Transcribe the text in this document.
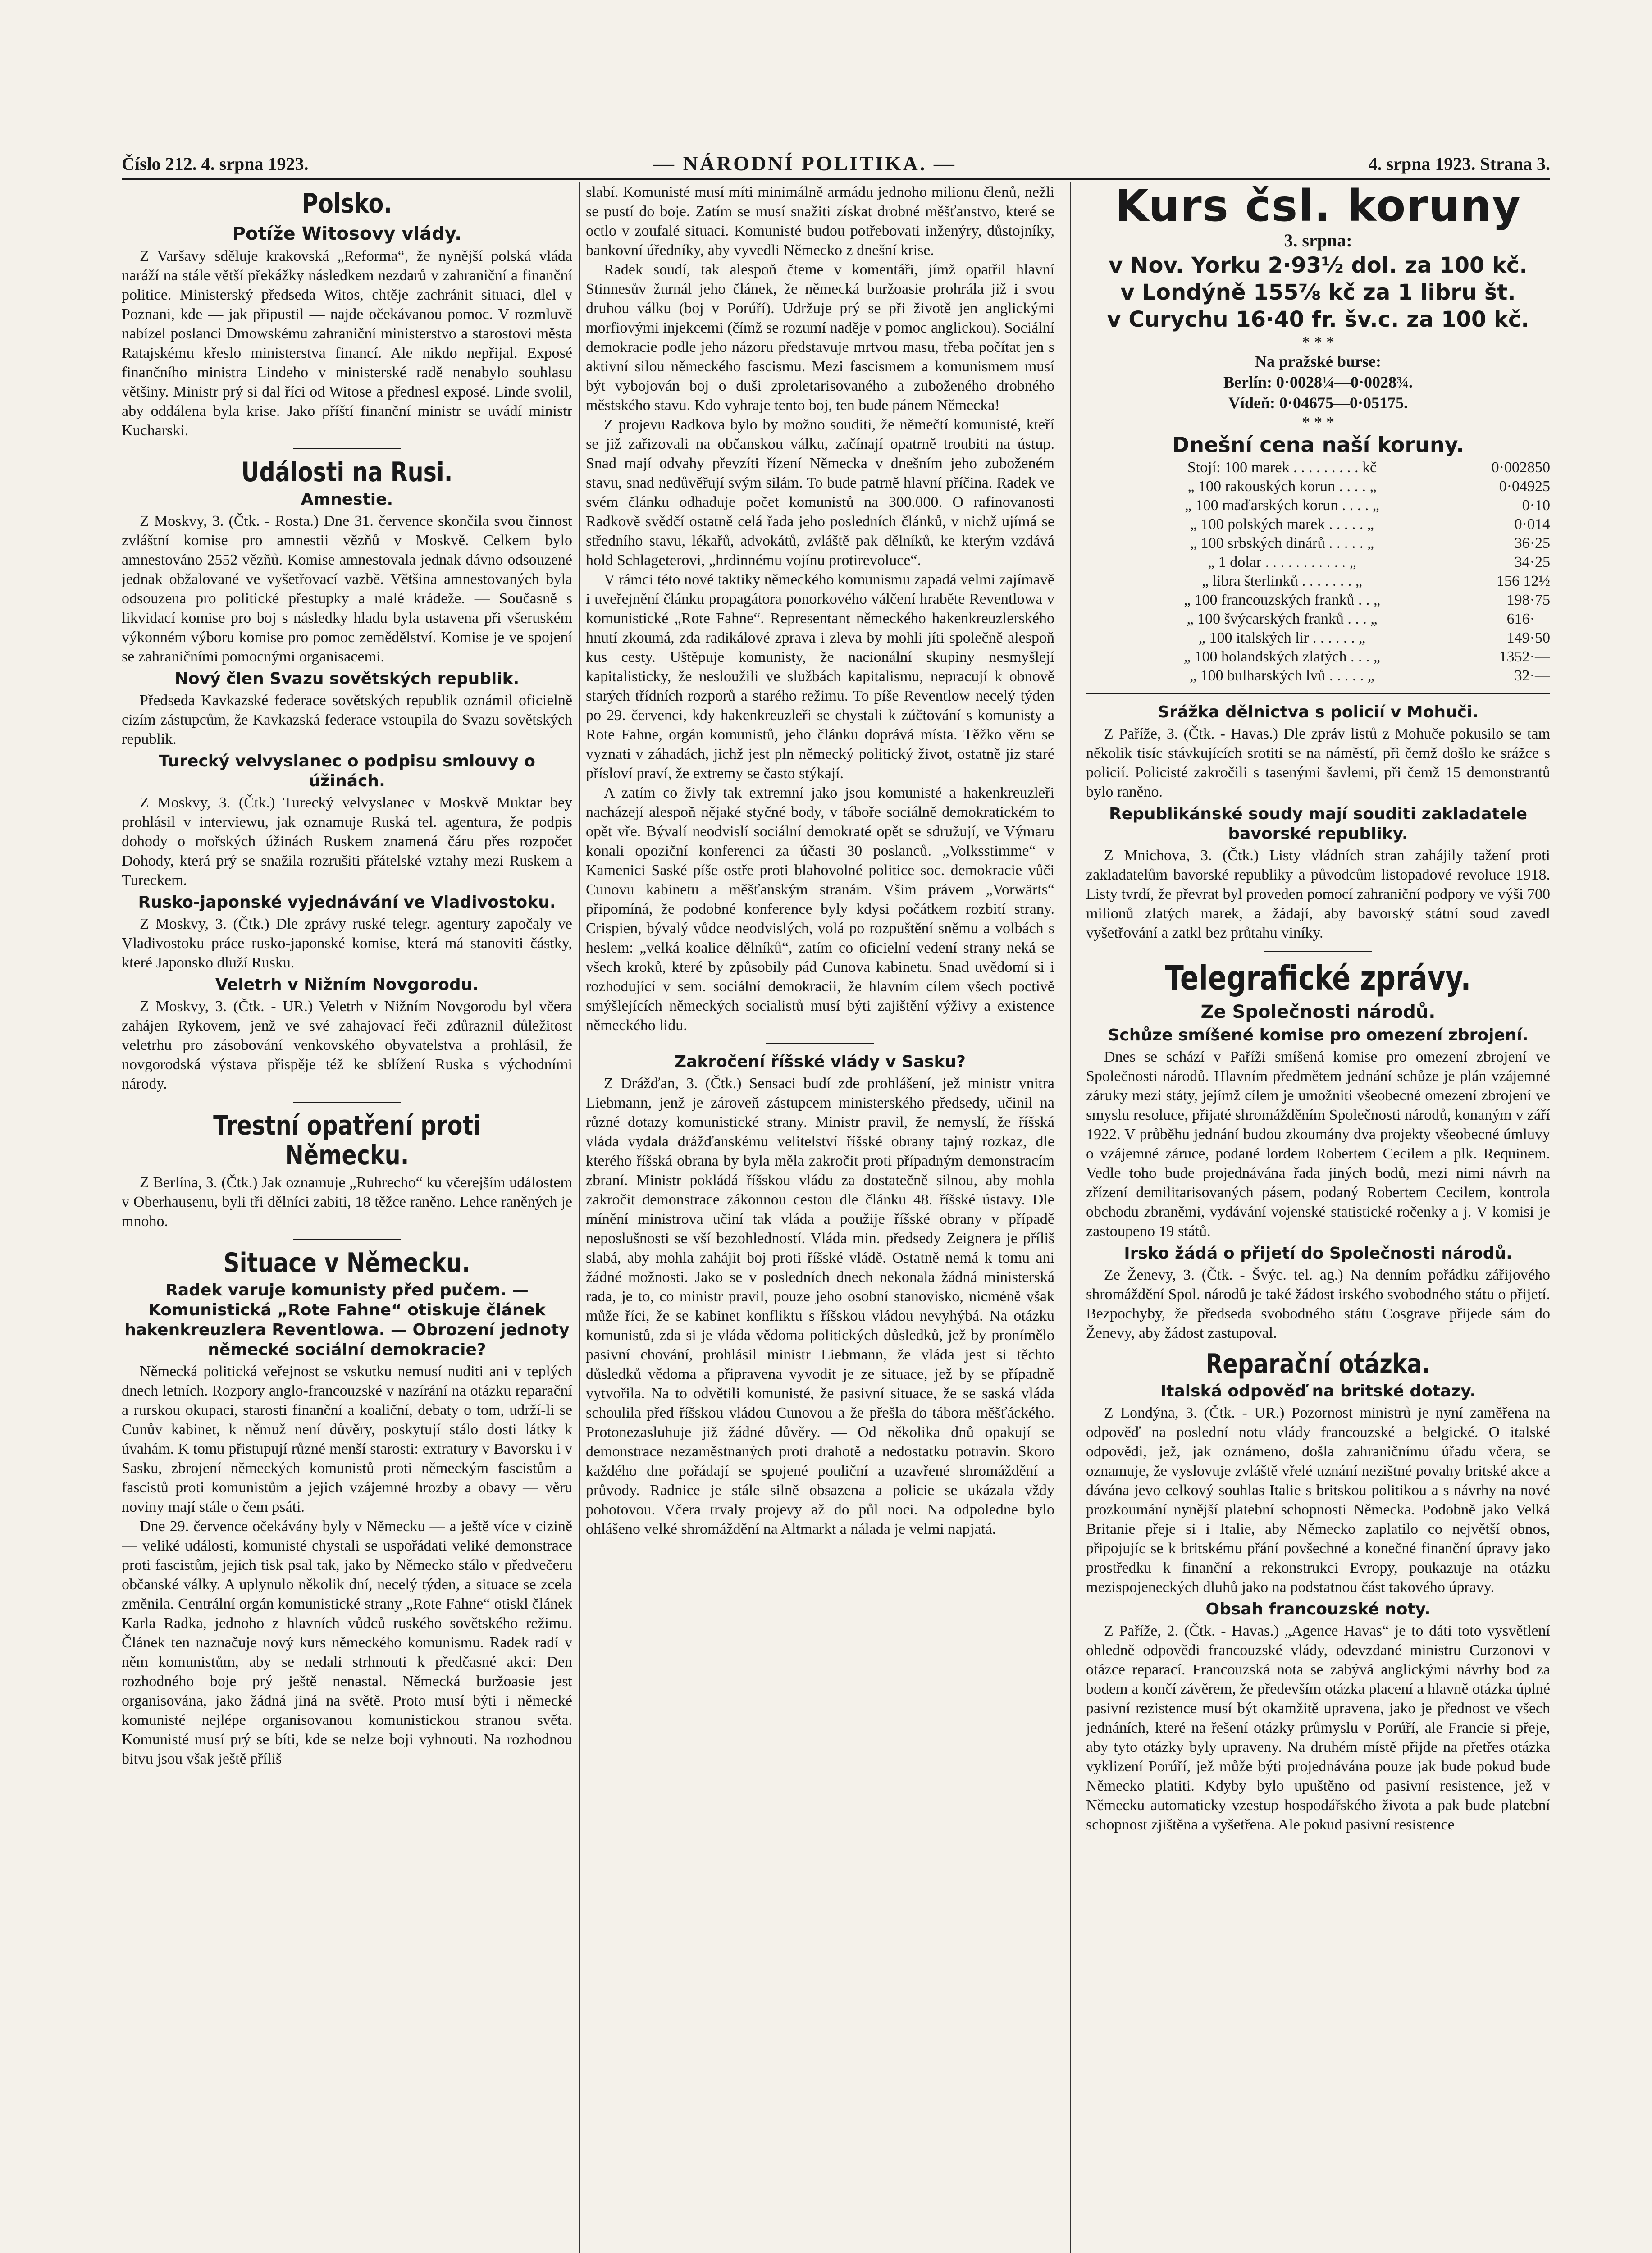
Číslo 212. 4. srpna 1923.	— NÁRODNÍ POLITIKA. —	4. srpna 1923. Strana 3.
Polsko.
Potíže Witosovy vlády.

Z Varšavy sděluje krakovská „Reforma“, že nynější polská vláda naráží na stále větší překážky následkem nezdarů v zahraniční a finanční politice. Ministerský předseda Witos, chtěje zachránit situaci, dlel v Poznani, kde — jak připustil — najde očekávanou pomoc. V rozmluvě nabízel poslanci Dmowskému zahraniční ministerstvo a starostovi města Ratajskému křeslo ministerstva financí. Ale nikdo nepřijal. Exposé finančního ministra Lindeho v ministerské radě nenabylo souhlasu většiny. Ministr prý si dal říci od Witose a přednesl exposé. Linde svolil, aby oddálena byla krise. Jako příští finanční ministr se uvádí ministr Kucharski.

Události na Rusi.
Amnestie.

Z Moskvy, 3. (Čtk. - Rosta.) Dne 31. července skončila svou činnost zvláštní komise pro amnestii vězňů v Moskvě. Celkem bylo amnestováno 2552 vězňů. Komise amnestovala jednak dávno odsouzené jednak obžalované ve vyšetřovací vazbě. Většina amnestovaných byla odsouzena pro politické přestupky a malé krádeže. — Současně s likvidací komise pro boj s následky hladu byla ustavena při všeruském výkonném výboru komise pro pomoc zemědělství. Komise je ve spojení se zahraničními pomocnými organisacemi.

Nový člen Svazu sovětských republik.

Předseda Kavkazské federace sovětských republik oznámil oficielně cizím zástupcům, že Kavkazská federace vstoupila do Svazu sovětských republik.

Turecký velvyslanec o podpisu smlouvy o úžinách.

Z Moskvy, 3. (Čtk.) Turecký velvyslanec v Moskvě Muktar bey prohlásil v interviewu, jak oznamuje Ruská tel. agentura, že podpis dohody o mořských úžinách Ruskem znamená čáru přes rozpočet Dohody, která prý se snažila rozrušiti přátelské vztahy mezi Ruskem a Tureckem.

Rusko-japonské vyjednávání ve Vladivostoku.

Z Moskvy, 3. (Čtk.) Dle zprávy ruské telegr. agentury započaly ve Vladivostoku práce rusko-japonské komise, která má stanoviti částky, které Japonsko dluží Rusku.

Veletrh v Nižním Novgorodu.

Z Moskvy, 3. (Čtk. - UR.) Veletrh v Nižním Novgorodu byl včera zahájen Rykovem, jenž ve své zahajovací řeči zdůraznil důležitost veletrhu pro zásobování venkovského obyvatelstva a prohlásil, že novgorodská výstava přispěje též ke sblížení Ruska s východními národy.

Trestní opatření proti Německu.

Z Berlína, 3. (Čtk.) Jak oznamuje „Ruhrecho“ ku včerejším událostem v Oberhausenu, byli tři dělníci zabiti, 18 těžce raněno. Lehce raněných je mnoho.

Situace v Německu.
Radek varuje komunisty před pučem. — Komunistická „Rote Fahne“ otiskuje článek hakenkreuzlera Reventlowa. — Obrození jednoty německé sociální demokracie?

Německá politická veřejnost se vskutku nemusí nuditi ani v teplých dnech letních. Rozpory anglo-francouzské v nazírání na otázku reparační a rurskou okupaci, starosti finanční a koaliční, debaty o tom, udrží-li se Cunův kabinet, k němuž není důvěry, poskytují stálo dosti látky k úvahám. K tomu přistupují různé menší starosti: extratury v Bavorsku i v Sasku, zbrojení německých komunistů proti německým fascistům a fascistů proti komunistům a jejich vzájemné hrozby a obavy — věru noviny mají stále o čem psáti.

Dne 29. července očekávány byly v Německu — a ještě více v cizině — veliké události, komunisté chystali se uspořádati veliké demonstrace proti fascistům, jejich tisk psal tak, jako by Německo stálo v předvečeru občanské války. A uplynulo několik dní, necelý týden, a situace se zcela změnila. Centrální orgán komunistické strany „Rote Fahne“ otiskl článek Karla Radka, jednoho z hlavních vůdců ruského sovětského režimu. Článek ten naznačuje nový kurs německého komunismu. Radek radí v něm komunistům, aby se nedali strhnouti k předčasné akci: Den rozhodného boje prý ještě nenastal. Německá buržoasie jest organisována, jako žádná jiná na světě. Proto musí býti i německé komunisté nejlépe organisovanou komunistickou stranou světa. Komunisté musí prý se bíti, kde se nelze boji vyhnouti. Na rozhodnou bitvu jsou však ještě příliš

slabí. Komunisté musí míti minimálně armádu jednoho milionu členů, nežli se pustí do boje. Zatím se musí snažiti získat drobné měšťanstvo, které se octlo v zoufalé situaci. Komunisté budou potřebovati inženýry, důstojníky, bankovní úředníky, aby vyvedli Německo z dnešní krise.

Radek soudí, tak alespoň čteme v komentáři, jímž opatřil hlavní Stinnesův žurnál jeho článek, že německá buržoasie prohrála již i svou druhou válku (boj v Porúří). Udržuje prý se při životě jen anglickými morfiovými injekcemi (čímž se rozumí naděje v pomoc anglickou). Sociální demokracie podle jeho názoru představuje mrtvou masu, třeba počítat jen s aktivní silou německého fascismu. Mezi fascismem a komunismem musí být vybojován boj o duši zproletarisovaného a zuboženého drobného městského stavu. Kdo vyhraje tento boj, ten bude pánem Německa!

Z projevu Radkova bylo by možno souditi, že němečtí komunisté, kteří se již zařizovali na občanskou válku, začínají opatrně troubiti na ústup. Snad mají odvahy převzíti řízení Německa v dnešním jeho zuboženém stavu, snad nedůvěřují svým silám. To bude patrně hlavní příčina. Radek ve svém článku odhaduje počet komunistů na 300.000. O rafinovanosti Radkově svědčí ostatně celá řada jeho posledních článků, v nichž ujímá se středního stavu, lékařů, advokátů, zvláště pak dělníků, ke kterým vzdává hold Schlageterovi, „hrdinnému vojínu protirevoluce“.

V rámci této nové taktiky německého komunismu zapadá velmi zajímavě i uveřejnění článku propagátora ponorkového válčení hraběte Reventlowa v komunistické „Rote Fahne“. Representant německého hakenkreuzlerského hnutí zkoumá, zda radikálové zprava i zleva by mohli jíti společně alespoň kus cesty. Uštěpuje komunisty, že nacionální skupiny nesmyšlejí kapitalisticky, že nesloužili ve službách kapitalismu, nepracují k obnově starých třídních rozporů a starého režimu. To píše Reventlow necelý týden po 29. červenci, kdy hakenkreuzleři se chystali k zúčtování s komunisty a Rote Fahne, orgán komunistů, jeho článku doprává místa. Těžko věru se vyznati v záhadách, jichž jest pln německý politický život, ostatně jiz staré přísloví praví, že extremy se často stýkají.

A zatím co živly tak extremní jako jsou komunisté a hakenkreuzleři nacházejí alespoň nějaké styčné body, v táboře sociálně demokratickém to opět vře. Bývalí neodvislí sociální demokraté opět se sdružují, ve Výmaru konali opoziční konferenci za účasti 30 poslanců. „Volksstimme“ v Kamenici Saské píše ostře proti blahovolné politice soc. demokracie vůči Cunovu kabinetu a měšťanským stranám. Všim právem „Vorwärts“ připomíná, že podobné konference byly kdysi počátkem rozbití strany. Crispien, bývalý vůdce neodvislých, volá po rozpuštění sněmu a volbách s heslem: „velká koalice dělníků“, zatím co oficielní vedení strany neká se všech kroků, které by způsobily pád Cunova kabinetu. Snad uvědomí si i rozhodující v sem. sociální demokracii, že hlavním cílem všech poctivě smýšlejících německých socialistů musí býti zajištění výživy a existence německého lidu.

Zakročení říšské vlády v Sasku?

Z Drážďan, 3. (Čtk.) Sensaci budí zde prohlášení, jež ministr vnitra Liebmann, jenž je zároveň zástupcem ministerského předsedy, učinil na různé dotazy komunistické strany. Ministr pravil, že nemyslí, že říšská vláda vydala drážďanskému velitelství říšské obrany tajný rozkaz, dle kterého říšská obrana by byla měla zakročit proti případným demonstracím zbraní. Ministr pokládá říšskou vládu za dostatečně silnou, aby mohla zakročit demonstrace zákonnou cestou dle článku 48. říšské ústavy. Dle mínění ministrova učiní tak vláda a použije říšské obrany v případě neposlušnosti se vší bezohledností. Vláda min. předsedy Zeignera je příliš slabá, aby mohla zahájit boj proti říšské vládě. Ostatně nemá k tomu ani žádné možnosti. Jako se v posledních dnech nekonala žádná ministerská rada, je to, co ministr pravil, pouze jeho osobní stanovisko, nicméně však může říci, že se kabinet konfliktu s říšskou vládou nevyhýbá. Na otázku komunistů, zda si je vláda vědoma politických důsledků, jež by pronímělo pasivní chování, prohlásil ministr Liebmann, že vláda jest si těchto důsledků vědoma a připravena vyvodit je ze situace, jež by se případně vytvořila. Na to odvětili komunisté, že pasivní situace, že se saská vláda schoulila před říšskou vládou Cunovou a že přešla do tábora měšťáckého. Protonezasluhuje již žádné důvěry. — Od několika dnů opakují se demonstrace nezaměstnaných proti drahotě a nedostatku potravin. Skoro každého dne pořádají se spojené pouliční a uzavřené shromáždění a průvody. Radnice je stále silně obsazena a policie se ukázala vždy pohotovou. Včera trvaly projevy až do půl noci. Na odpoledne bylo ohlášeno velké shromáždění na Altmarkt a nálada je velmi napjatá.

Kurs čsl. koruny
3. srpna:
v Nov. Yorku 2·93½ dol. za 100 kč.
v Londýně 155⅞ kč za 1 libru št.
v Curychu 16·40 fr. šv.c. za 100 kč.
* * *
Na pražské burse:
Berlín: 0·0028¼—0·0028¾.
Vídeň: 0·04675—0·05175.
* * *
Dnešní cena naší koruny.
Stojí: 100 marek . . . . . . . . . kč	0·002850
„ 100 rakouských korun . . . . „	0·04925
„ 100 maďarských korun . . . . „	0·10
„ 100 polských marek . . . . . „	0·014
„ 100 srbských dinárů . . . . . „	36·25
„ 1 dolar . . . . . . . . . . . „	34·25
„ libra šterlinků . . . . . . . „	156 12½
„ 100 francouzských franků . . „	198·75
„ 100 švýcarských franků . . . „	616·—
„ 100 italských lir . . . . . . „	149·50
„ 100 holandských zlatých . . . „	1352·—
„ 100 bulharských lvů . . . . . „	32·—
Srážka dělnictva s policií v Mohuči.

Z Paříže, 3. (Čtk. - Havas.) Dle zpráv listů z Mohuče pokusilo se tam několik tisíc stávkujících srotiti se na náměstí, při čemž došlo ke srážce s policií. Policisté zakročili s tasenými šavlemi, při čemž 15 demonstrantů bylo raněno.

Republikánské soudy mají souditi zakladatele bavorské republiky.

Z Mnichova, 3. (Čtk.) Listy vládních stran zahájily tažení proti zakladatelům bavorské republiky a původcům listopadové revoluce 1918. Listy tvrdí, že převrat byl proveden pomocí zahraniční podpory ve výši 700 milionů zlatých marek, a žádají, aby bavorský státní soud zavedl vyšetřování a zatkl bez průtahu viníky.

Telegrafické zprávy.
Ze Společnosti národů.
Schůze smíšené komise pro omezení zbrojení.

Dnes se schází v Paříži smíšená komise pro omezení zbrojení ve Společnosti národů. Hlavním předmětem jednání schůze je plán vzájemné záruky mezi státy, jejímž cílem je umožniti všeobecné omezení zbrojení ve smyslu resoluce, přijaté shromážděním Společnosti národů, konaným v září 1922. V průběhu jednání budou zkoumány dva projekty všeobecné úmluvy o vzájemné záruce, podané lordem Robertem Cecilem a plk. Requinem. Vedle toho bude projednávána řada jiných bodů, mezi nimi návrh na zřízení demilitarisovaných pásem, podaný Robertem Cecilem, kontrola obchodu zbraněmi, vydávání vojenské statistické ročenky a j. V komisi je zastoupeno 19 států.

Irsko žádá o přijetí do Společnosti národů.

Ze Ženevy, 3. (Čtk. - Švýc. tel. ag.) Na denním pořádku zářijového shromáždění Spol. národů je také žádost irského svobodného státu o přijetí. Bezpochyby, že předseda svobodného státu Cosgrave přijede sám do Ženevy, aby žádost zastupoval.

Reparační otázka.
Italská odpověď na britské dotazy.

Z Londýna, 3. (Čtk. - UR.) Pozornost ministrů je nyní zaměřena na odpověď na poslední notu vlády francouzské a belgické. O italské odpovědi, jež, jak oznámeno, došla zahraničnímu úřadu včera, se oznamuje, že vyslovuje zvláště vřelé uznání nezištné povahy britské akce a dávána jevo celkový souhlas Italie s britskou politikou a s návrhy na nové prozkoumání nynější platební schopnosti Německa. Podobně jako Velká Britanie přeje si i Italie, aby Německo zaplatilo co největší obnos, připojujíc se k britskému přání povšechné a konečné finanční úpravy jako prostředku k finanční a rekonstrukci Evropy, poukazuje na otázku mezispojeneckých dluhů jako na podstatnou část takového úpravy.

Obsah francouzské noty.

Z Paříže, 2. (Čtk. - Havas.) „Agence Havas“ je to dáti toto vysvětlení ohledně odpovědi francouzské vlády, odevzdané ministru Curzonovi v otázce reparací. Francouzská nota se zabývá anglickými návrhy bod za bodem a končí závěrem, že především otázka placení a hlavně otázka úplné pasivní rezistence musí být okamžitě upravena, jako je přednost ve všech jednáních, které na řešení otázky průmyslu v Porúří, ale Francie si přeje, aby tyto otázky byly upraveny. Na druhém místě přijde na přetřes otázka vyklizení Porúří, jež může býti projednávána pouze jak bude pokud bude Německo platiti. Kdyby bylo upuštěno od pasivní resistence, jež v Německu automaticky vzestup hospodářského života a pak bude platební schopnost zjištěna a vyšetřena. Ale pokud pasivní resistence
